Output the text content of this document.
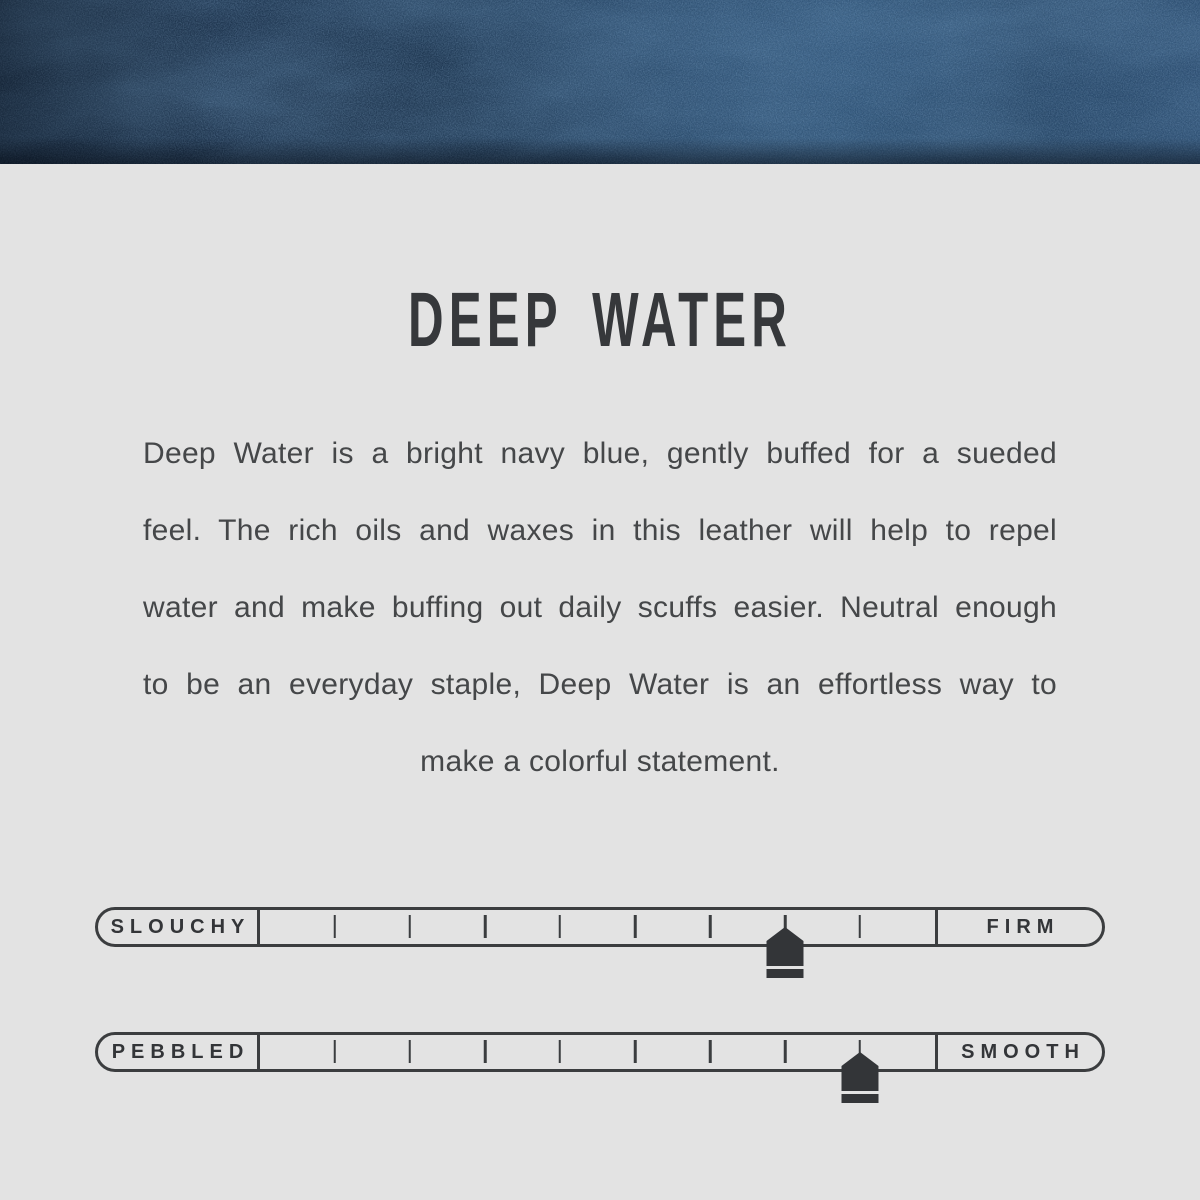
DEEP WATER
Deep Water is a bright navy blue, gently buffed for a sueded
feel. The rich oils and waxes in this leather will help to repel
water and make buffing out daily scuffs easier. Neutral enough
to be an everyday staple, Deep Water is an effortless way to
make a colorful statement.
SLOUCHY	FIRM
PEBBLED	SMOOTH
